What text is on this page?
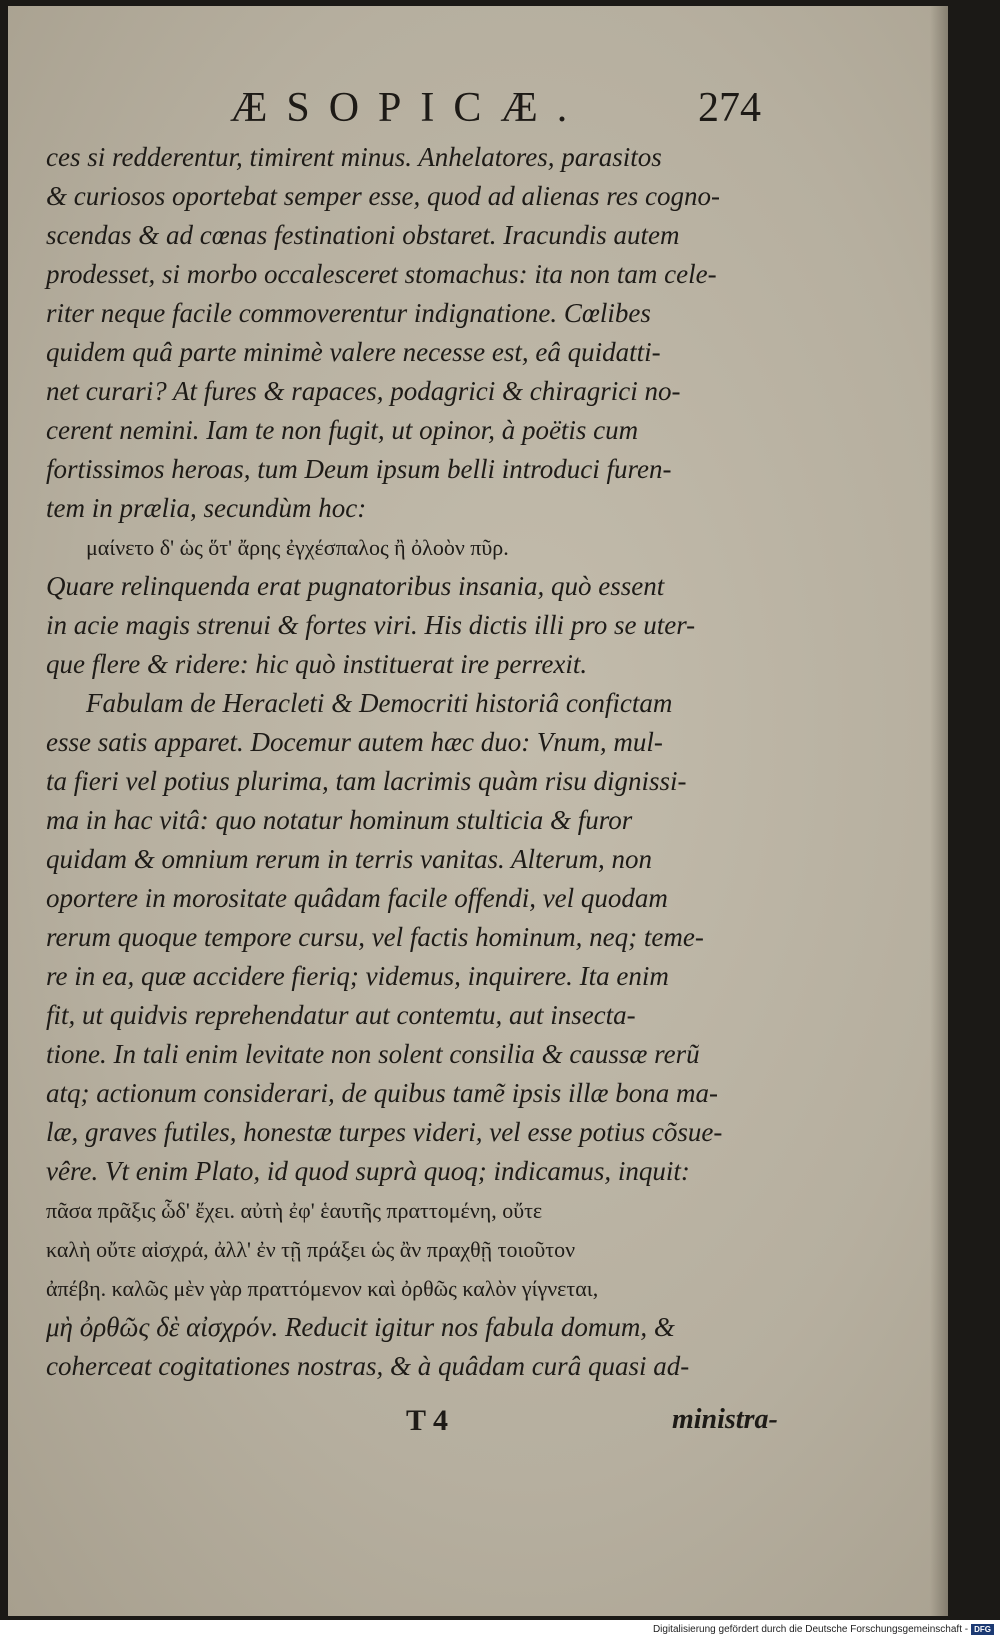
ÆSOPICÆ.	274
ces si redderentur, timirent minus. Anhelatores, parasitos
& curiosos oportebat semper esse, quod ad alienas res cogno-
scendas & ad cœnas festinationi obstaret. Iracundis autem
prodesset, si morbo occalesceret stomachus: ita non tam cele-
riter neque facile commoverentur indignatione. Cœlibes
quidem quâ parte minimè valere necesse est, eâ quidatti-
net curari? At fures & rapaces, podagrici & chiragrici no-
cerent nemini. Iam te non fugit, ut opinor, à poëtis cum
fortissimos heroas, tum Deum ipsum belli introduci furen-
tem in prælia, secundùm hoc:
μαίνετο δ' ὡς ὅτ' ἄρης ἐγχέσπαλος ἢ ὀλοὸν πῦρ.
Quare relinquenda erat pugnatoribus insania, quò essent
in acie magis strenui & fortes viri. His dictis illi pro se uter-
que flere & ridere: hic quò instituerat ire perrexit.
Fabulam de Heracleti & Democriti historiâ confictam
esse satis apparet. Docemur autem hæc duo: Vnum, mul-
ta fieri vel potius plurima, tam lacrimis quàm risu dignissi-
ma in hac vitâ: quo notatur hominum stulticia & furor
quidam & omnium rerum in terris vanitas. Alterum, non
oportere in morositate quâdam facile offendi, vel quodam
rerum quoque tempore cursu, vel factis hominum, neq; teme-
re in ea, quæ accidere fieriq; videmus, inquirere. Ita enim
fit, ut quidvis reprehendatur aut contemtu, aut insecta-
tione. In tali enim levitate non solent consilia & caussæ rerũ
atq; actionum considerari, de quibus tamẽ ipsis illæ bona ma-
læ, graves futiles, honestæ turpes videri, vel esse potius cõsue-
vêre. Vt enim Plato, id quod suprà quoq; indicamus, inquit:
πᾶσα πρᾶξις ὧδ' ἔχει. αὐτὴ ἐφ' ἑαυτῆς πραττομένη, οὔτε
καλὴ οὔτε αἰσχρά, ἀλλ' ἐν τῇ πράξει ὡς ἂν πραχθῇ τοιοῦτον
ἀπέβη. καλῶς μὲν γὰρ πραττόμενον καὶ ὀρθῶς καλὸν γίγνεται,
μὴ ὀρθῶς δὲ αἰσχρόν. Reducit igitur nos fabula domum, &
coherceat cogitationes nostras, & à quâdam curâ quasi ad-
T 4	ministra-
Digitalisierung gefördert durch die Deutsche Forschungsgemeinschaft - DFG
